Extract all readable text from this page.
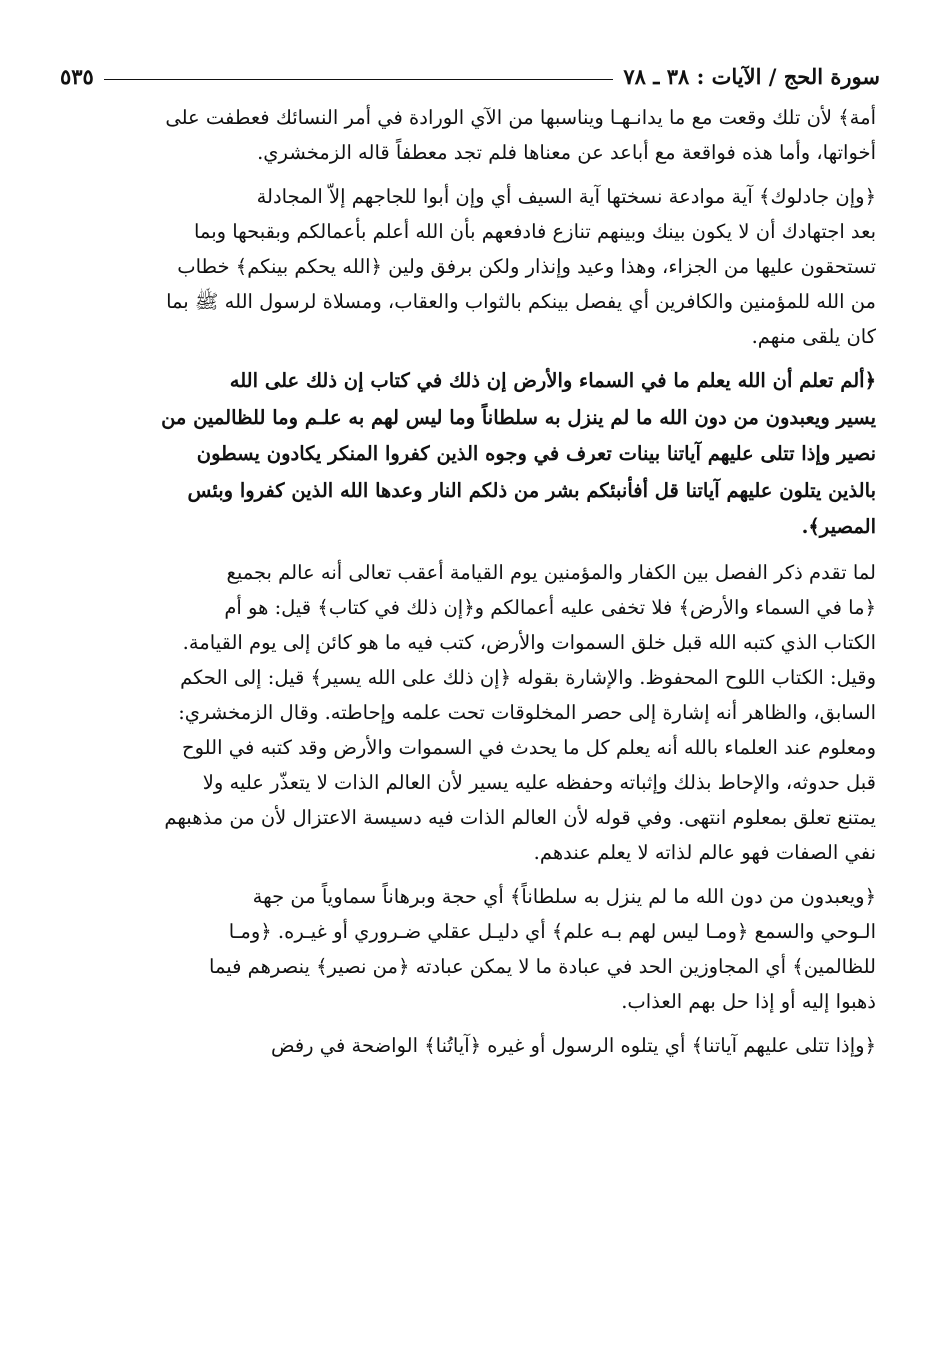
سورة الحج / الآيات : ٣٨ ـ ٧٨
٥٣٥
أمة﴾ لأن تلك وقعت مع ما يدانـهـا ويناسبها من الآي الورادة في أمر النسائك فعطفت على
أخواتها، وأما هذه فواقعة مع أباعد عن معناها فلم تجد معطفاً قاله الزمخشري.
﴿وإن جادلوك﴾ آية موادعة نسختها آية السيف أي وإن أبوا للجاجهم إلاّ المجادلة
بعد اجتهادك أن لا يكون بينك وبينهم تنازع فادفعهم بأن الله أعلم بأعمالكم وبقبحها وبما
تستحقون عليها من الجزاء، وهذا وعيد وإنذار ولكن برفق ولين ﴿الله يحكم بينكم﴾ خطاب
من الله للمؤمنين والكافرين أي يفصل بينكم بالثواب والعقاب، ومسلاة لرسول الله ﷺ بما
كان يلقى منهم.
﴿ألم تعلم أن الله يعلم ما في السماء والأرض إن ذلك في كتاب إن ذلك على الله
يسير ويعبدون من دون الله ما لم ينزل به سلطاناً وما ليس لهم به علـم وما للظالمين من
نصير وإذا تتلى عليهم آياتنا بينات تعرف في وجوه الذين كفروا المنكر يكادون يسطون
بالذين يتلون عليهم آياتنا قل أفأنبئكم بشر من ذلكم النار وعدها الله الذين كفروا وبئس
المصير﴾.
لما تقدم ذكر الفصل بين الكفار والمؤمنين يوم القيامة أعقب تعالى أنه عالم بجميع
﴿ما في السماء والأرض﴾ فلا تخفى عليه أعمالكم و﴿إن ذلك في كتاب﴾ قيل: هو أم
الكتاب الذي كتبه الله قبل خلق السموات والأرض، كتب فيه ما هو كائن إلى يوم القيامة.
وقيل: الكتاب اللوح المحفوظ. والإشارة بقوله ﴿إن ذلك على الله يسير﴾ قيل: إلى الحكم
السابق، والظاهر أنه إشارة إلى حصر المخلوقات تحت علمه وإحاطته. وقال الزمخشري:
ومعلوم عند العلماء بالله أنه يعلم كل ما يحدث في السموات والأرض وقد كتبه في اللوح
قبل حدوثه، والإحاط بذلك وإثباته وحفظه عليه يسير لأن العالم الذات لا يتعذّر عليه ولا
يمتنع تعلق بمعلوم انتهى. وفي قوله لأن العالم الذات فيه دسيسة الاعتزال لأن من مذهبهم
نفي الصفات فهو عالم لذاته لا يعلم عندهم.
﴿ويعبدون من دون الله ما لم ينزل به سلطاناً﴾ أي حجة وبرهاناً سماوياً من جهة
الـوحي والسمع ﴿ومـا ليس لهم بـه علم﴾ أي دليـل عقلي ضـروري أو غيـره. ﴿ومـا
للظالمين﴾ أي المجاوزين الحد في عبادة ما لا يمكن عبادته ﴿من نصير﴾ ينصرهم فيما
ذهبوا إليه أو إذا حل بهم العذاب.
﴿وإذا تتلى عليهم آياتنا﴾ أي يتلوه الرسول أو غيره ﴿آياتُنا﴾ الواضحة في رفض
